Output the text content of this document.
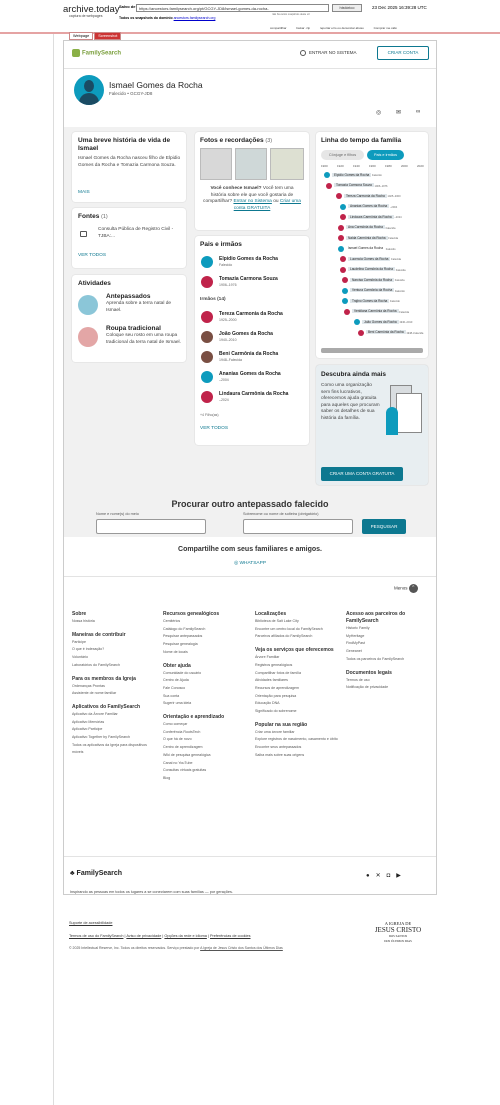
archive.today
captura de webpages
Salvo de https://ancestors.familysearch.org/pt/GCGY-JD8/ismael-gomes-da-rocha-	histórico	23 Dec 2025 16:39:28 UTC
não há outros snapshots deste url
Todos os snapshots do domínio ancestors.familysearch.org
Webpage Screenshot
compartilhar	baixar .zip	reportar erro ou denunciar abuso	Comprar me café
FamilySearch	ENTRAR NO SISTEMA	CRIAR CONTA
Ismael Gomes da Rocha
Falecido • GCGY-JD8
◎ ✉ ∞
Uma breve história de vida de Ismael
Ismael Gomes da Rocha nasceu filho de Elpidio Gomes da Rocha e Tomazia Carmona Souza.
MAIS
Fontes (1)
Consulta Pública de Registro Civil - TJBA:...
VER TODOS
Atividades
Antepassados
Aprenda sobre a terra natal de Ismael.
Roupa tradicional
Coloque seu rosto em uma roupa tradicional da terra natal de Ismael.
Fotos e recordações (3)
Você conhece Ismael? Você tem uma história sobre ele que você gostaria de compartilhar? Entrar no Sistema ou Criar uma conta GRATUITA
Pais e irmãos
Elpidio Gomes da Rocha
Falecido
Tomazia Carmona Souza
1906–1976
Irmãos (14)
Tereza Carmonia da Rocha
1925–2000
João Gomes da Rocha
1940–2010
Beni Carmônia da Rocha
1948–Falecida
Ananias Gomes da Rocha
–2004
Lindaura Carmônia da Rocha
–2024
+4 Filho(as)
VER TODOS
Linha do tempo da família
Cônjuge e filhos	Pais e irmãos
1900	1920	1940	1960	1980	2000	2020
Elpidio Gomes da Rocha Falecido
Tomazia Carmona Souza 1906–1976
Tereza Carmonia da Rocha 1925–2000
Ananias Gomes da Rocha –2004
Lindaura Carmônia da Rocha –2024
Ana Carmônia da Rocha Falecida
Nalda Carmônia da Rocha Falecida
Ismael Gomes da Rocha Falecido
Lucencia Gomes da Rocha Falecida
Laudelina Carmônia da Rocha Falecida
Narcisa Carmônia da Rocha Falecida
Ventura Carmônia da Rocha Falecido
Trajino Gomes da Rocha Falecido
Veridiana Carmônia da Rocha Falecida
João Gomes da Rocha 1940–2010
Beni Carmônia da Rocha 1948–Falecida
Descubra ainda mais
Como uma organização sem fins lucrativos, oferecemos ajuda gratuita para aqueles que procuram saber os detalhes de sua história da família.
CRIAR UMA CONTA GRATUITA
Procurar outro antepassado falecido
Nome e nome(s) do meio	Sobrenome ou nome de solteira (obrigatório)
PESQUISAR
Compartilhe com seus familiares e amigos.
◎ WHATSAPP
Menos ⌃
Sobre
Nossa história
Maneiras de contribuir
Participe
O que é indexação?
Voluntário
Laboratórios do FamilySearch
Para os membros da Igreja
Ordenanças Prontas
Assistente de nome familiar
Aplicativos do FamilySearch
Aplicativo da Árvore Familiar
Aplicativo Memórias
Aplicativo Participe
Aplicativo Together by FamilySearch
Todos os aplicativos da Igreja para dispositivos móveis
Recursos genealógicos
Cemitérios
Catálogo do FamilySearch
Pesquisar antepassados
Pesquisar genealogia
Nome de locais
Obter ajuda
Comunidade do usuário
Centro de Ajuda
Fale Conosco
Sua conta
Sugerir uma ideia
Orientação e aprendizado
Como começar
Conferência RootsTech
O que há de novo
Centro de aprendizagem
Wiki de pesquisa genealógica
Canal no YouTube
Consultas virtuais gratuitas
Blog
Localizações
Biblioteca de Salt Lake City
Encontre um centro local do FamilySearch
Parceiros afiliados do FamilySearch
Veja os serviços que oferecemos
Árvore Familiar
Registros genealógicos
Compartilhar fotos de família
Atividades familiares
Recursos de aprendizagem
Orientação para pesquisa
Educação DNA
Significado do sobrenome
Popular na sua região
Criar uma árvore familiar
Explore registros de nascimento, casamento e óbito
Encontre seus antepassados
Saiba mais sobre suas origens
Acesso aos parceiros do FamilySearch
Historic Family
MyHeritage
FindMyPast
Geneanet
Todos os parceiros do FamilySearch
Documentos legais
Termos de uso
Notificação de privacidade
♣ FamilySearch	●✕◘▶
Inspirando as pessoas em todos os lugares a se conectarem com suas famílias — por gerações.

Suporte de acessibilidade
Termos de uso do FamilySearch | Aviso de privacidade | Opções da rede e idioma | Preferências de cookies
© 2025 Intellectual Reserve, Inc. Todos os direitos reservados. Serviço prestado por A Igreja de Jesus Cristo dos Santos dos Últimos Dias
A IGREJA DE
JESUS CRISTO
DOS SANTOS
DOS ÚLTIMOS DIAS
